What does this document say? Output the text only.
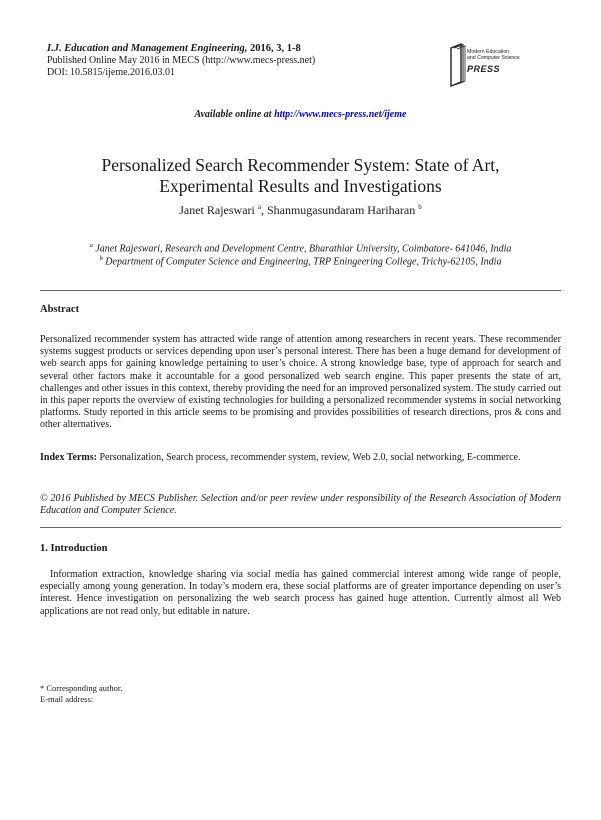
I.J. Education and Management Engineering, 2016, 3, 1-8
Published Online May 2016 in MECS (http://www.mecs-press.net)
DOI: 10.5815/ijeme.2016.03.01
Modern Education
and Computer Science
PRESS
Available online at http://www.mecs-press.net/ijeme
Personalized Search Recommender System: State of Art,
Experimental Results and Investigations
Janet Rajeswari $^a$, Shanmugasundaram Hariharan $^b$
$^a$ Janet Rajeswari, Research and Development Centre, Bharathiar University, Coimbatore- 641046, India
$^b$ Department of Computer Science and Engineering, TRP Eningeering College, Trichy-62105, India
Abstract
Personalized recommender system has attracted wide range of attention among researchers in recent years. These recommender systems suggest products or services depending upon user’s personal interest. There has been a huge demand for development of web search apps for gaining knowledge pertaining to user’s choice. A strong knowledge base, type of approach for search and several other factors make it accountable for a good personalized web search engine. This paper presents the state of art, challenges and other issues in this context, thereby providing the need for an improved personalized system. The study carried out in this paper reports the overview of existing technologies for building a personalized recommender systems in social networking platforms. Study reported in this article seems to be promising and provides possibilities of research directions, pros & cons and other alternatives.
Index Terms: Personalization, Search process, recommender system, review, Web 2.0, social networking, E-commerce.
© 2016 Published by MECS Publisher. Selection and/or peer review under responsibility of the Research Association of Modern Education and Computer Science.
1. Introduction
Information extraction, knowledge sharing via social media has gained commercial interest among wide range of people, especially among young generation. In today’s modern era, these social platforms are of greater importance depending on user’s interest. Hence investigation on personalizing the web search process has gained huge attention. Currently almost all Web applications are not read only, but editable in nature.
* Corresponding author.
E-mail address:
